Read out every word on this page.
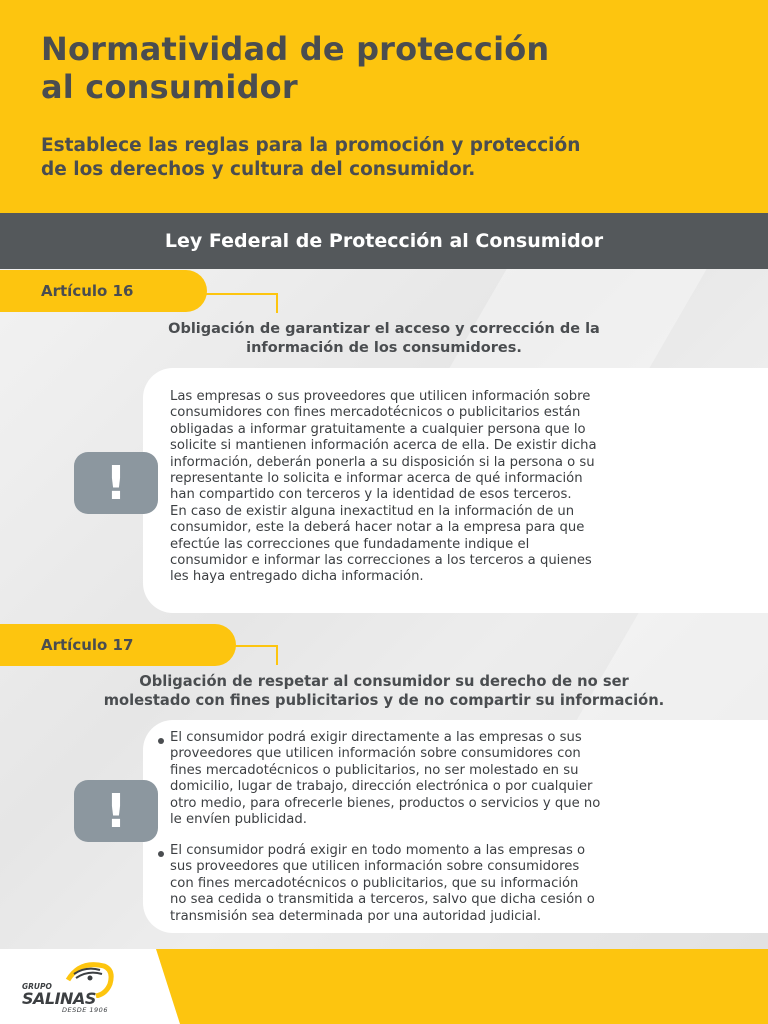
Normatividad de protección
al consumidor
Establece las reglas para la promoción y protección
de los derechos y cultura del consumidor.
Ley Federal de Protección al Consumidor
Artículo 16
Obligación de garantizar el acceso y corrección de la
información de los consumidores.
!
Las empresas o sus proveedores que utilicen información sobre
consumidores con fines mercadotécnicos o publicitarios están
obligadas a informar gratuitamente a cualquier persona que lo
solicite si mantienen información acerca de ella. De existir dicha
información, deberán ponerla a su disposición si la persona o su
representante lo solicita e informar acerca de qué información
han compartido con terceros y la identidad de esos terceros.
En caso de existir alguna inexactitud en la información de un
consumidor, este la deberá hacer notar a la empresa para que
efectúe las correcciones que fundadamente indique el
consumidor e informar las correcciones a los terceros a quienes
les haya entregado dicha información.
Artículo 17
Obligación de respetar al consumidor su derecho de no ser
molestado con fines publicitarios y de no compartir su información.
!
El consumidor podrá exigir directamente a las empresas o sus
proveedores que utilicen información sobre consumidores con
fines mercadotécnicos o publicitarios, no ser molestado en su
domicilio, lugar de trabajo, dirección electrónica o por cualquier
otro medio, para ofrecerle bienes, productos o servicios y que no
le envíen publicidad.
El consumidor podrá exigir en todo momento a las empresas o
sus proveedores que utilicen información sobre consumidores
con fines mercadotécnicos o publicitarios, que su información
no sea cedida o transmitida a terceros, salvo que dicha cesión o
transmisión sea determinada por una autoridad judicial.
GRUPO
SALINAS
DESDE 1906
